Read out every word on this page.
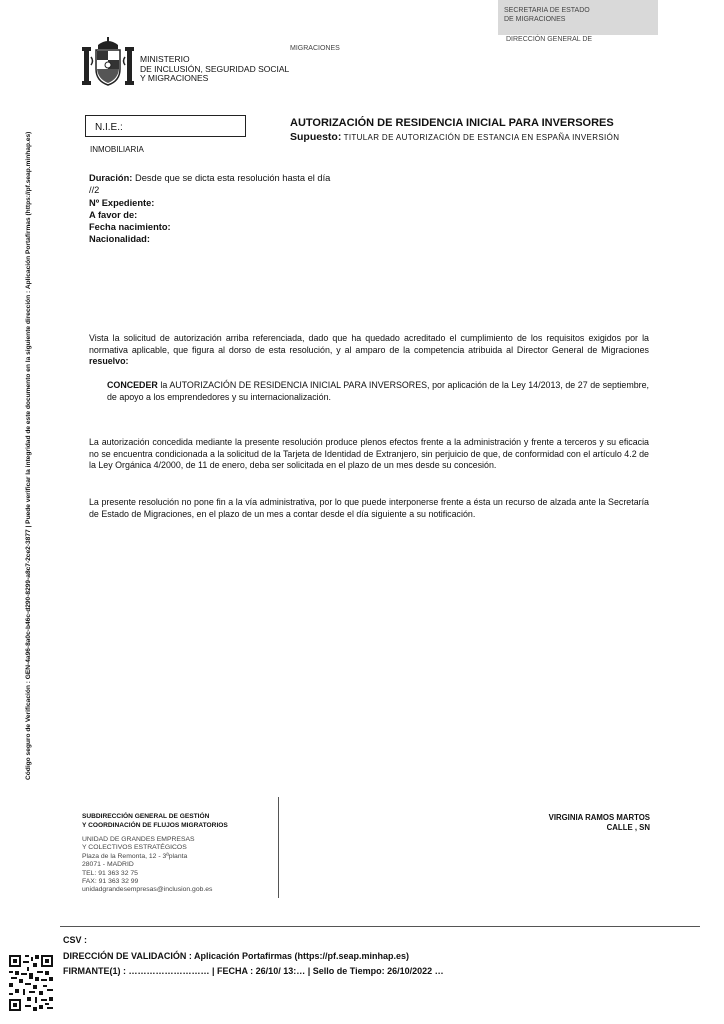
SECRETARIA DE ESTADO
DE MIGRACIONES
DIRECCIÓN GENERAL DE
MIGRACIONES
MINISTERIO
DE INCLUSIÓN, SEGURIDAD SOCIAL
Y MIGRACIONES
Código seguro de Verificación : GEN-4a96-8a0c-b46c-d290-8299-a8c7-2ce2-3877 | Puede verificar la integridad de este documento en la siguiente dirección : Aplicación Portafirmas (https://pf.seap.minhap.es)
N.I.E.:
INMOBILIARIA
AUTORIZACIÓN DE RESIDENCIA INICIAL PARA INVERSORES
Supuesto: TITULAR DE AUTORIZACIÓN DE ESTANCIA EN ESPAÑA INVERSIÓN
Duración: Desde que se dicta esta resolución hasta el día
//2
Nº Expediente:
A favor de:
Fecha nacimiento:
Nacionalidad:
Vista la solicitud de autorización arriba referenciada, dado que ha quedado acreditado el cumplimiento de los requisitos exigidos por la normativa aplicable, que figura al dorso de esta resolución, y al amparo de la competencia atribuida al Director General de Migraciones resuelvo:
CONCEDER la AUTORIZACIÓN DE RESIDENCIA INICIAL PARA INVERSORES, por aplicación de la Ley 14/2013, de 27 de septiembre, de apoyo a los emprendedores y su internacionalización.
La autorización concedida mediante la presente resolución produce plenos efectos frente a la administración y frente a terceros y su eficacia no se encuentra condicionada a la solicitud de la Tarjeta de Identidad de Extranjero, sin perjuicio de que, de conformidad con el artículo 4.2 de la Ley Orgánica 4/2000, de 11 de enero, deba ser solicitada en el plazo de un mes desde su concesión.
La presente resolución no pone fin a la vía administrativa, por lo que puede interponerse frente a ésta un recurso de alzada ante la Secretaría de Estado de Migraciones, en el plazo de un mes a contar desde el día siguiente a su notificación.
SUBDIRECCIÓN GENERAL DE GESTIÓN
Y COORDINACIÓN DE FLUJOS MIGRATORIOS
UNIDAD DE GRANDES EMPRESAS
Y COLECTIVOS ESTRATÉGICOS
Plaza de la Remonta, 12 - 3ªplanta
28071 - MADRID
TEL: 91 363 32 75
FAX: 91 363 32 99
unidadgrandesempresas@inclusion.gob.es
VIRGINIA RAMOS MARTOS
CALLE , SN
CSV :
DIRECCIÓN DE VALIDACIÓN : Aplicación Portafirmas (https://pf.seap.minhap.es)
FIRMANTE(1) : ……………………… | FECHA : 26/10/ 13:… | Sello de Tiempo: 26/10/2022 …
